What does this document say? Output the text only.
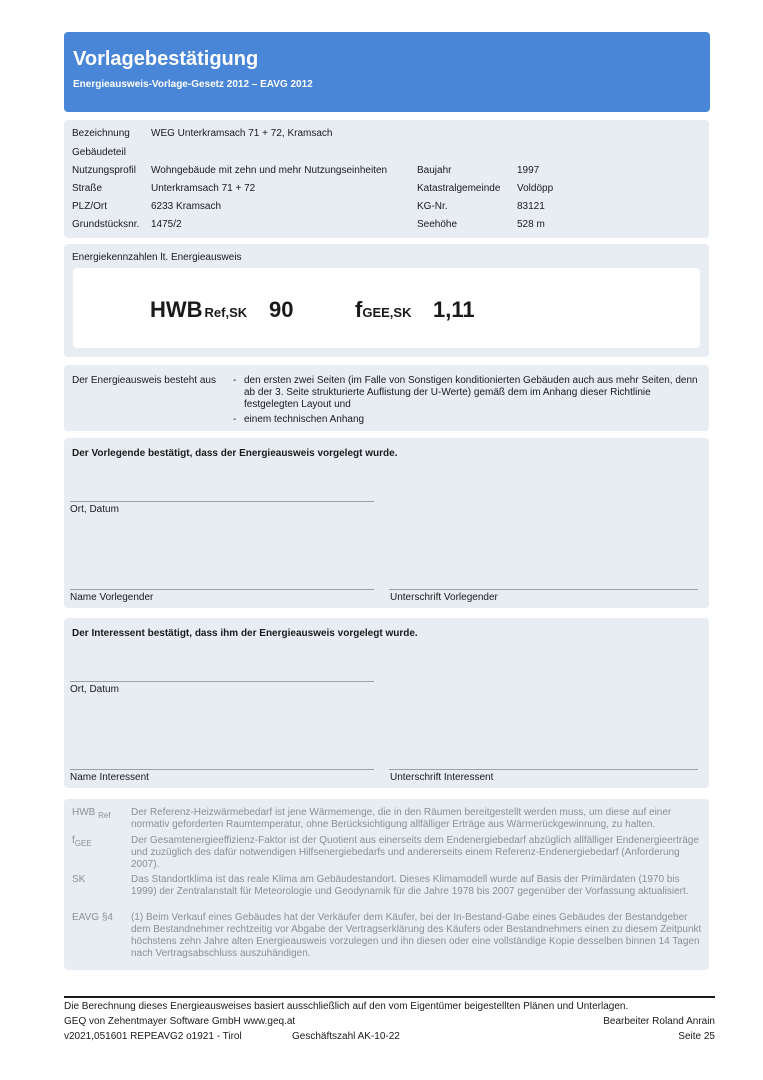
Vorlagebestätigung
Energieausweis-Vorlage-Gesetz 2012 – EAVG 2012
Bezeichnung WEG Unterkramsach 71 + 72, Kramsach
Gebäudeteil
Nutzungsprofil Wohngebäude mit zehn und mehr Nutzungseinheiten	Baujahr	1997
Straße	Unterkramsach 71 + 72	Katastralgemeinde Voldöpp
PLZ/Ort	6233 Kramsach	KG-Nr.	83121
Grundstücksnr. 1475/2	Seehöhe	528 m
Energiekennzahlen lt. Energieausweis
HWB Ref,SK 90	fGEE,SK 1,11
Der Energieausweis besteht aus - den ersten zwei Seiten (im Falle von Sonstigen konditionierten Gebäuden auch aus mehr Seiten, denn ab der 3. Seite strukturierte Auflistung der U-Werte) gemäß dem im Anhang dieser Richtlinie festgelegten Layout und
- einem technischen Anhang
Der Vorlegende bestätigt, dass der Energieausweis vorgelegt wurde.
Ort, Datum
Name Vorlegender	Unterschrift Vorlegender
Der Interessent bestätigt, dass ihm der Energieausweis vorgelegt wurde.
Ort, Datum
Name Interessent	Unterschrift Interessent
HWB $_{Ref}$ Der Referenz-Heizwärmebedarf ist jene Wärmemenge, die in den Räumen bereitgestellt werden muss, um diese auf einer normativ geforderten Raumtemperatur, ohne Berücksichtigung allfälliger Erträge aus Wärmerückgewinnung, zu halten.
$f_{GEE}$	Der Gesamtenergieeffizienz-Faktor ist der Quotient aus einerseits dem Endenergiebedarf abzüglich allfälliger Endenergieerträge und zuzüglich des dafür notwendigen Hilfsenergiebedarfs und andererseits einem Referenz-Endenergiebedarf (Anforderung 2007).
SK	Das Standortklima ist das reale Klima am Gebäudestandort. Dieses Klimamodell wurde auf Basis der Primärdaten (1970 bis 1999) der Zentralanstalt für Meteorologie und Geodynamik für die Jahre 1978 bis 2007 gegenüber der Vorfassung aktualisiert.
EAVG §4 (1) Beim Verkauf eines Gebäudes hat der Verkäufer dem Käufer, bei der In-Bestand-Gabe eines Gebäudes der Bestandgeber dem Bestandnehmer rechtzeitig vor Abgabe der Vertragserklärung des Käufers oder Bestandnehmers einen zu diesem Zeitpunkt höchstens zehn Jahre alten Energieausweis vorzulegen und ihn diesen oder eine vollständige Kopie desselben binnen 14 Tagen nach Vertragsabschluss auszuhändigen.
Die Berechnung dieses Energieausweises basiert ausschließlich auf den vom Eigentümer beigestellten Plänen und Unterlagen.
GEQ von Zehentmayer Software GmbH www.geq.at	Bearbeiter Roland Anrain
v2021,051601 REPEAVG2 o1921 - Tirol	Geschäftszahl AK-10-22	Seite 25
